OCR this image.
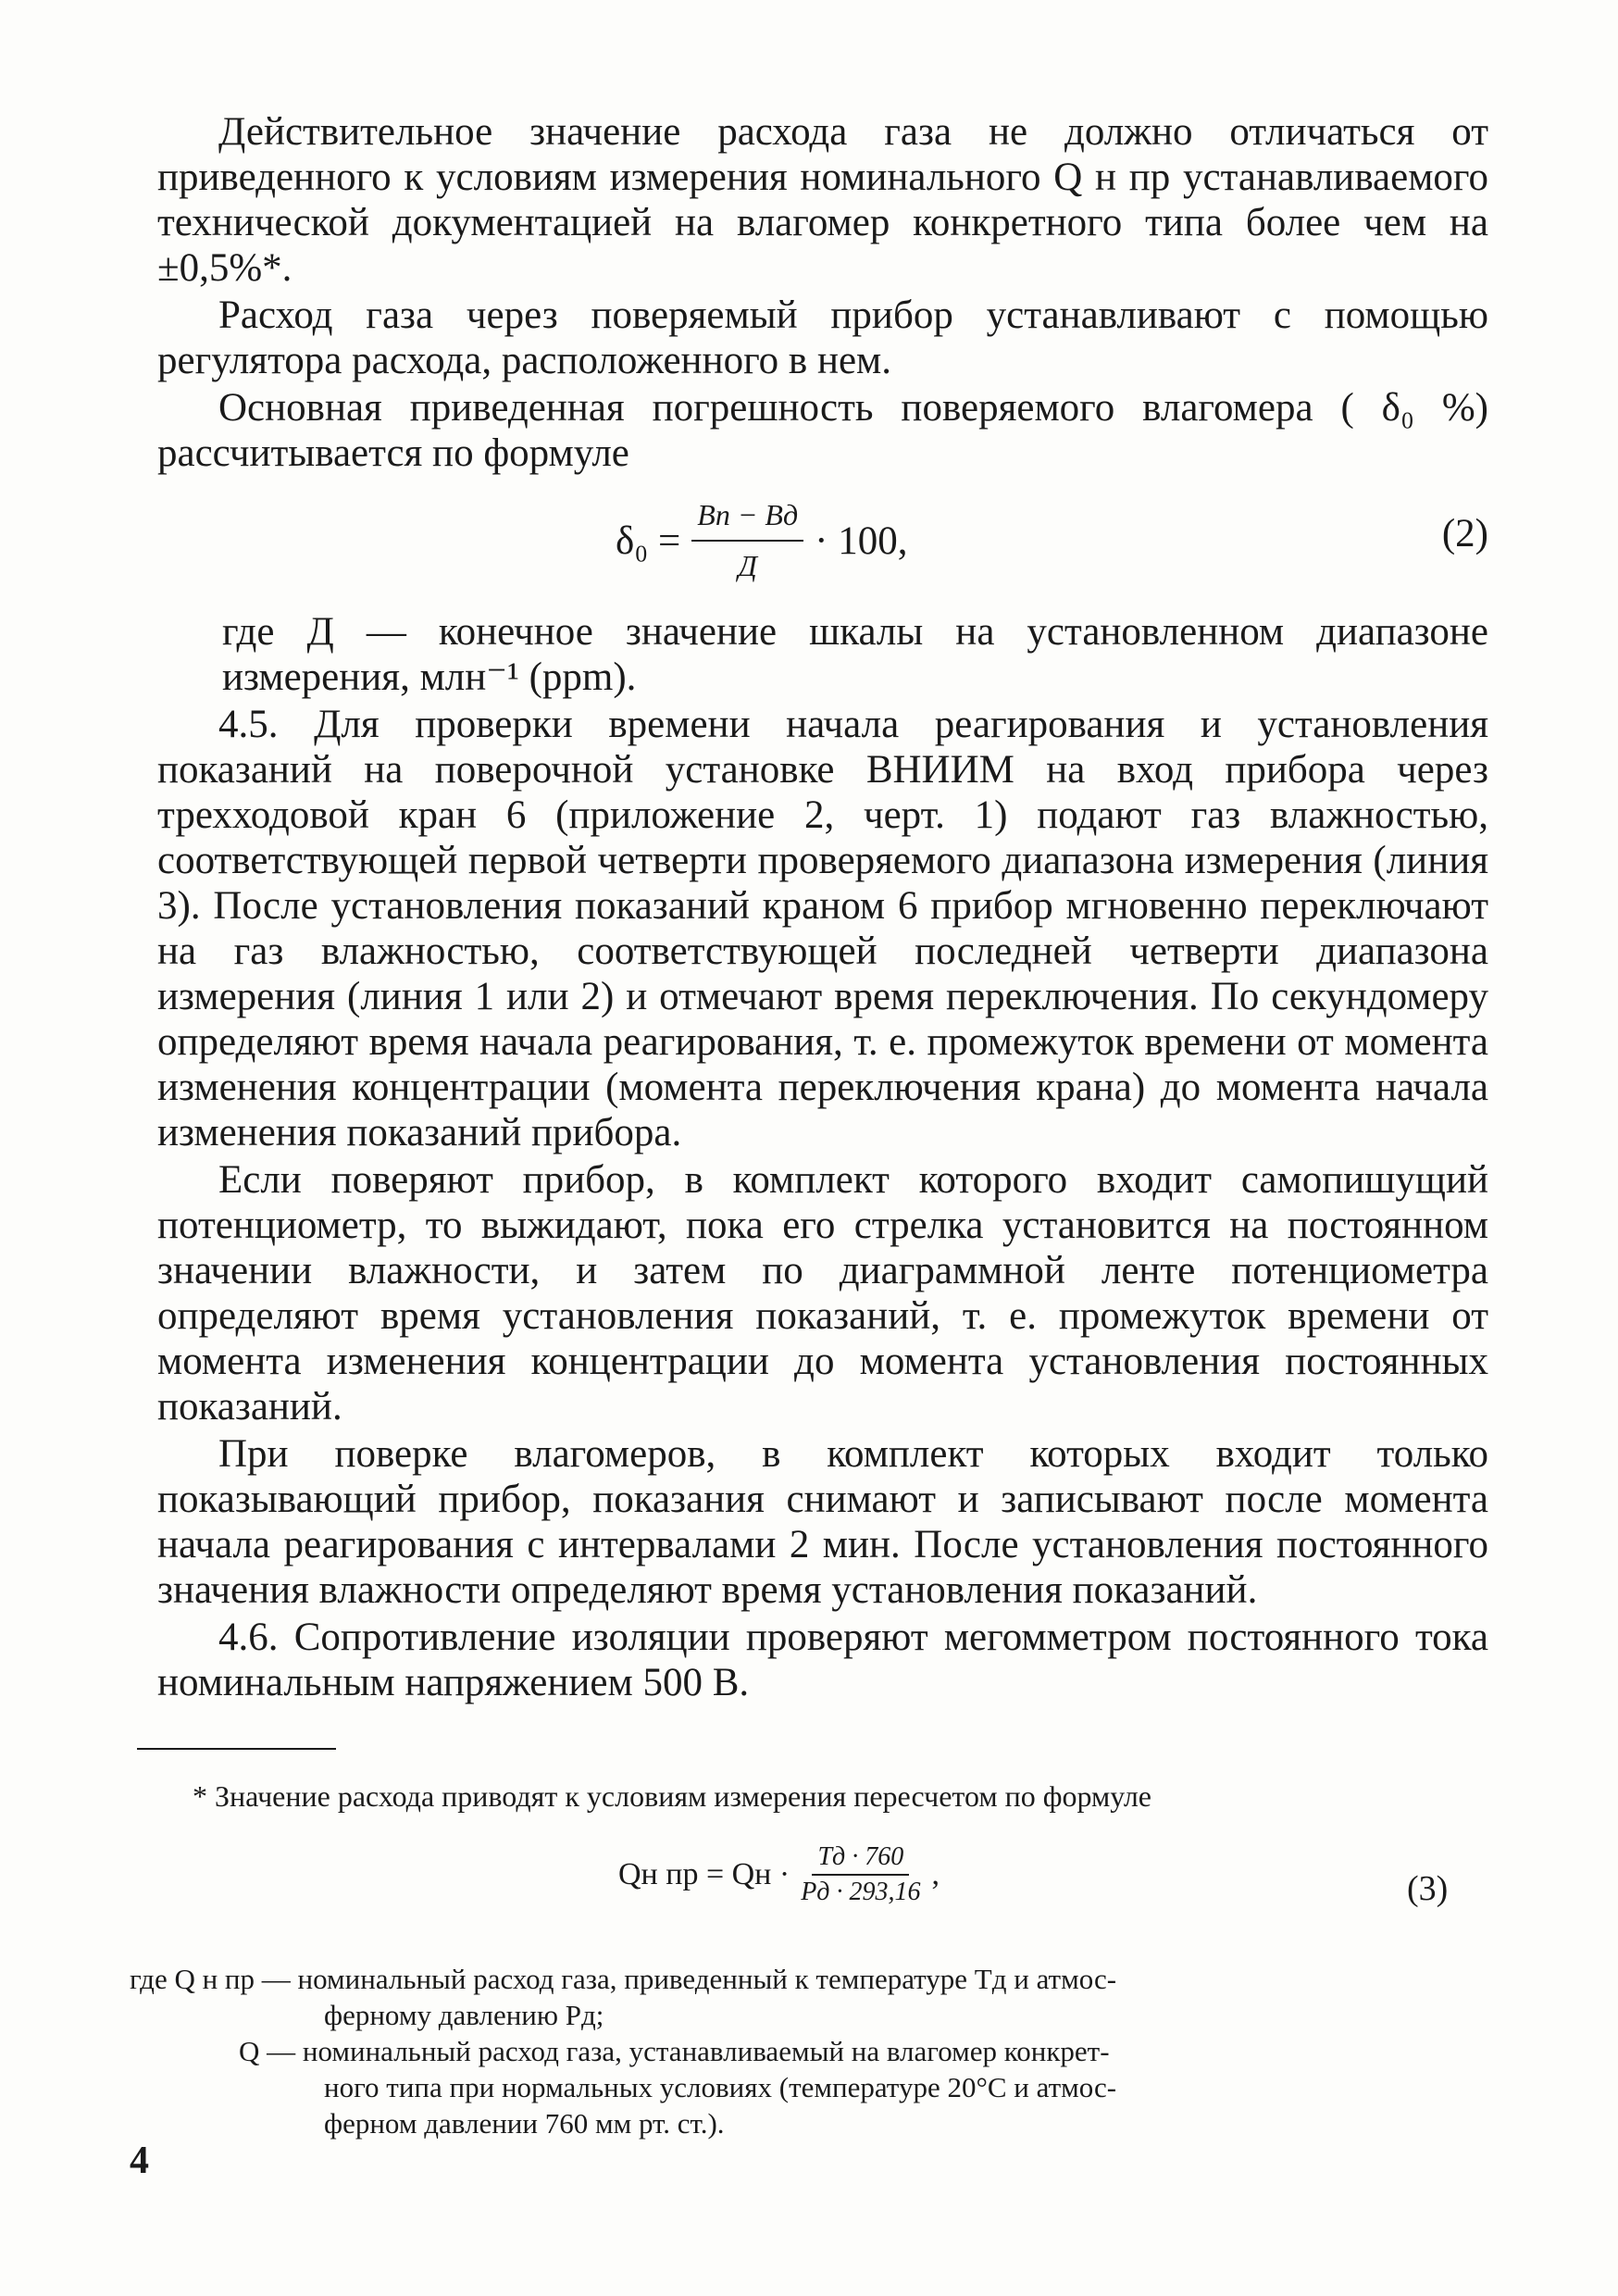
Действительное значение расхода газа не должно отличаться от приведенного к условиям измерения номинального Q н пр устанавливаемого технической документацией на влагомер конкретного типа более чем на ±0,5%*.

Расход газа через поверяемый прибор устанавливают с помощью регулятора расхода, расположенного в нем.

Основная приведенная погрешность поверяемого влагомера ( δ₀ %) рассчитывается по формуле

$\delta_0 = \frac{Bп - Bд}{Д} \cdot 100$,	(2)

где Д — конечное значение шкалы на установленном диапазоне измерения, млн⁻¹ (ppm).

4.5. Для проверки времени начала реагирования и установления показаний на поверочной установке ВНИИМ на вход прибора через трехходовой кран 6 (приложение 2, черт. 1) подают газ влажностью, соответствующей первой четверти проверяемого диапазона измерения (линия 3). После установления показаний краном 6 прибор мгновенно переключают на газ влажностью, соответствующей последней четверти диапазона измерения (линия 1 или 2) и отмечают время переключения. По секундомеру определяют время начала реагирования, т. е. промежуток времени от момента изменения концентрации (момента переключения крана) до момента начала изменения показаний прибора.

Если поверяют прибор, в комплект которого входит самопишущий потенциометр, то выжидают, пока его стрелка установится на постоянном значении влажности, и затем по диаграммной ленте потенциометра определяют время установления показаний, т. е. промежуток времени от момента изменения концентрации до момента установления постоянных показаний.

При поверке влагомеров, в комплект которых входит только показывающий прибор, показания снимают и записывают после момента начала реагирования с интервалами 2 мин. После установления постоянного значения влажности определяют время установления показаний.

4.6. Сопротивление изоляции проверяют мегомметром постоянного тока номинальным напряжением 500 В.

* Значение расхода приводят к условиям измерения пересчетом по формуле
Qн пр = Qн · $\frac{Tд \cdot 760}{Pд \cdot 293,16}$ ,	(3)
где Q н пр — номинальный расход газа, приведенный к температуре Tд и атмос-
ферному давлению Pд;
Q — номинальный расход газа, устанавливаемый на влагомер конкрет-
ного типа при нормальных условиях (температуре 20°С и атмос-
ферном давлении 760 мм рт. ст.).
4
